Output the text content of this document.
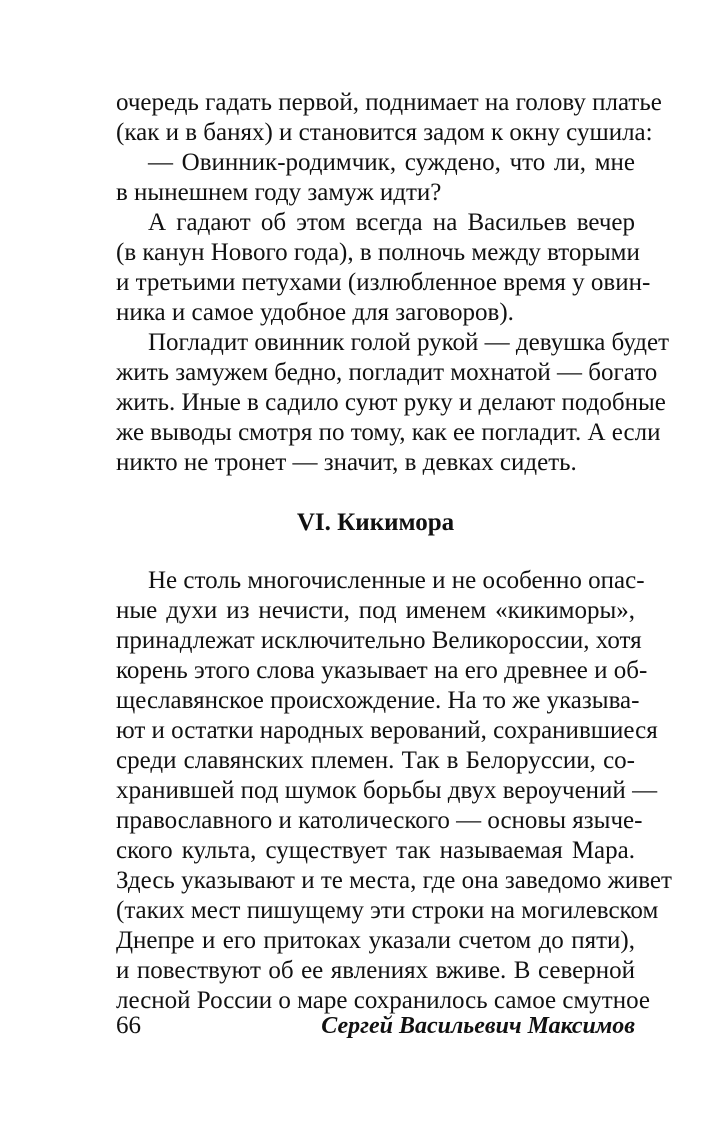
очередь гадать первой, поднимает на голову платье
(как и в банях) и становится задом к окну сушила:
— Овинник-родимчик, суждено, что ли, мне
в нынешнем году замуж идти?
А гадают об этом всегда на Васильев вечер
(в канун Нового года), в полночь между вторыми
и третьими петухами (излюбленное время у овин-
ника и самое удобное для заговоров).
Погладит овинник голой рукой — девушка будет
жить замужем бедно, погладит мохнатой — богато
жить. Иные в садило суют руку и делают подобные
же выводы смотря по тому, как ее погладит. А если
никто не тронет — значит, в девках сидеть.
VI. Кикимора
Не столь многочисленные и не особенно опас-
ные духи из нечисти, под именем «кикиморы»,
принадлежат исключительно Великороссии, хотя
корень этого слова указывает на его древнее и об-
щеславянское происхождение. На то же указыва-
ют и остатки народных верований, сохранившиеся
среди славянских племен. Так в Белоруссии, со-
хранившей под шумок борьбы двух вероучений —
православного и католического — основы языче-
ского культа, существует так называемая Мара.
Здесь указывают и те места, где она заведомо живет
(таких мест пишущему эти строки на могилевском
Днепре и его притоках указали счетом до пяти),
и повествуют об ее явлениях вживе. В северной
лесной России о маре сохранилось самое смутное
66	Сергей Васильевич Максимов
